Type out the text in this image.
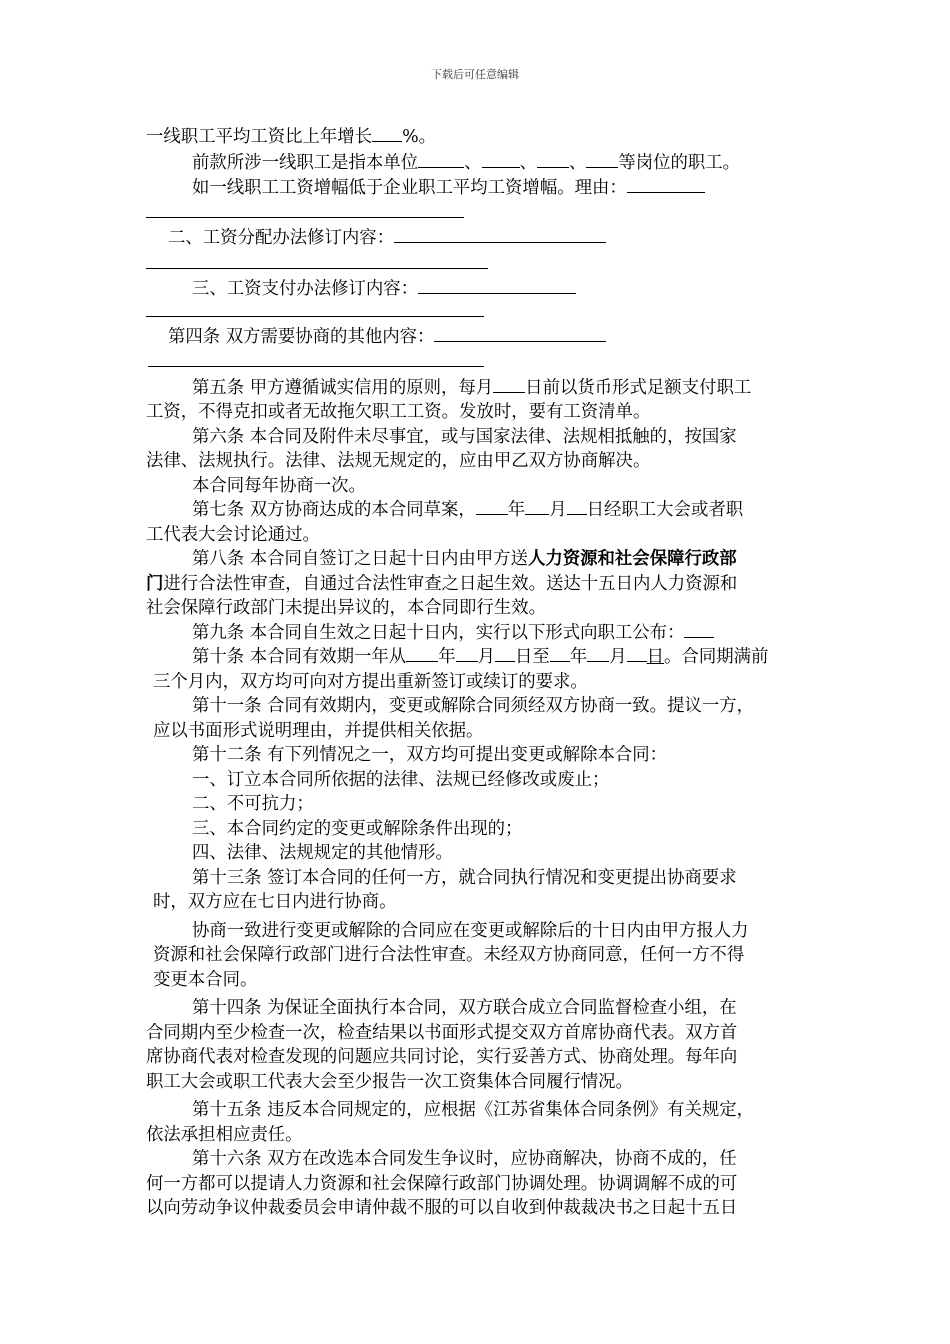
下载后可任意编辑
一线职工平均工资比上年增长 %。
前款所涉一线职工是指本单位	、 、 、 等岗位的职工。
如一线职工工资增幅低于企业职工平均工资增幅。理由：
二、工资分配办法修订内容：
三、工资支付办法修订内容：
第四条 双方需要协商的其他内容：
第五条 甲方遵循诚实信用的原则，每月 日前以货币形式足额支付职工
工资，不得克扣或者无故拖欠职工工资。发放时，要有工资清单。
第六条 本合同及附件未尽事宜，或与国家法律、法规相抵触的，按国家
法律、法规执行。法律、法规无规定的，应由甲乙双方协商解决。
本合同每年协商一次。
第七条 双方协商达成的本合同草案， 年 月 日经职工大会或者职
工代表大会讨论通过。
第八条 本合同自签订之日起十日内由甲方送人力资源和社会保障行政部
门进行合法性审查，自通过合法性审查之日起生效。送达十五日内人力资源和
社会保障行政部门未提出异议的，本合同即行生效。
第九条 本合同自生效之日起十日内，实行以下形式向职工公布：
第十条 本合同有效期一年从 年 月 日至 年 月 日。合同期满前
三个月内，双方均可向对方提出重新签订或续订的要求。
第十一条 合同有效期内，变更或解除合同须经双方协商一致。提议一方，
应以书面形式说明理由，并提供相关依据。
第十二条 有下列情况之一，双方均可提出变更或解除本合同：
一、订立本合同所依据的法律、法规已经修改或废止；
二、不可抗力；
三、本合同约定的变更或解除条件出现的；
四、法律、法规规定的其他情形。
第十三条 签订本合同的任何一方，就合同执行情况和变更提出协商要求
时，双方应在七日内进行协商。
协商一致进行变更或解除的合同应在变更或解除后的十日内由甲方报人力
资源和社会保障行政部门进行合法性审查。未经双方协商同意，任何一方不得
变更本合同。
第十四条 为保证全面执行本合同，双方联合成立合同监督检查小组，在
合同期内至少检查一次，检查结果以书面形式提交双方首席协商代表。双方首
席协商代表对检查发现的问题应共同讨论，实行妥善方式、协商处理。每年向
职工大会或职工代表大会至少报告一次工资集体合同履行情况。
第十五条 违反本合同规定的，应根据《江苏省集体合同条例》有关规定，
依法承担相应责任。
第十六条 双方在改选本合同发生争议时，应协商解决，协商不成的，任
何一方都可以提请人力资源和社会保障行政部门协调处理。协调调解不成的可
以向劳动争议仲裁委员会申请仲裁不服的可以自收到仲裁裁决书之日起十五日
